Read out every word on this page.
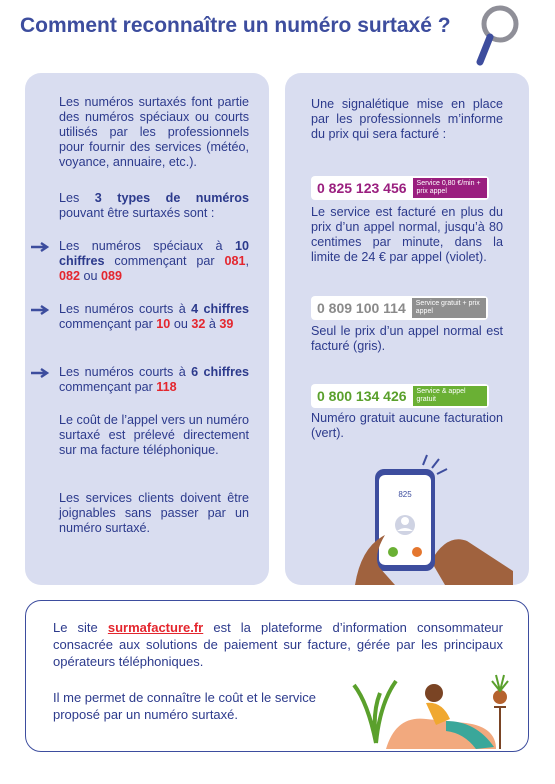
Comment reconnaître un numéro surtaxé ?
Les numéros surtaxés font partie des numéros spéciaux ou courts utilisés par les professionnels pour fournir des services (météo, voyance, annuaire, etc.).
Les 3 types de numéros pouvant être surtaxés sont :
Les numéros spéciaux à 10 chiffres commençant par 081, 082 ou 089
Les numéros courts à 4 chiffres commençant par 10 ou 32 à 39
Les numéros courts à 6 chiffres commençant par 118
Le coût de l’appel vers un numéro surtaxé est prélevé directement sur ma facture téléphonique.
Les services clients doivent être joignables sans passer par un numéro surtaxé.
Une signalétique mise en place par les professionnels m’informe du prix qui sera facturé :
0 825 123 456	Service 0,80 €/min + prix appel
Le service est facturé en plus du prix d’un appel normal, jusqu’à 80 centimes par minute, dans la limite de 24 € par appel (violet).
0 809 100 114	Service gratuit + prix appel
Seul le prix d’un appel normal est facturé (gris).
0 800 134 426	Service & appel gratuit
Numéro gratuit aucune facturation (vert).
825
Le site surmafacture.fr est la plateforme d’information consommateur consacrée aux solutions de paiement sur facture, gérée par les principaux opérateurs téléphoniques.
Il me permet de connaître le coût et le service proposé par un numéro surtaxé.
